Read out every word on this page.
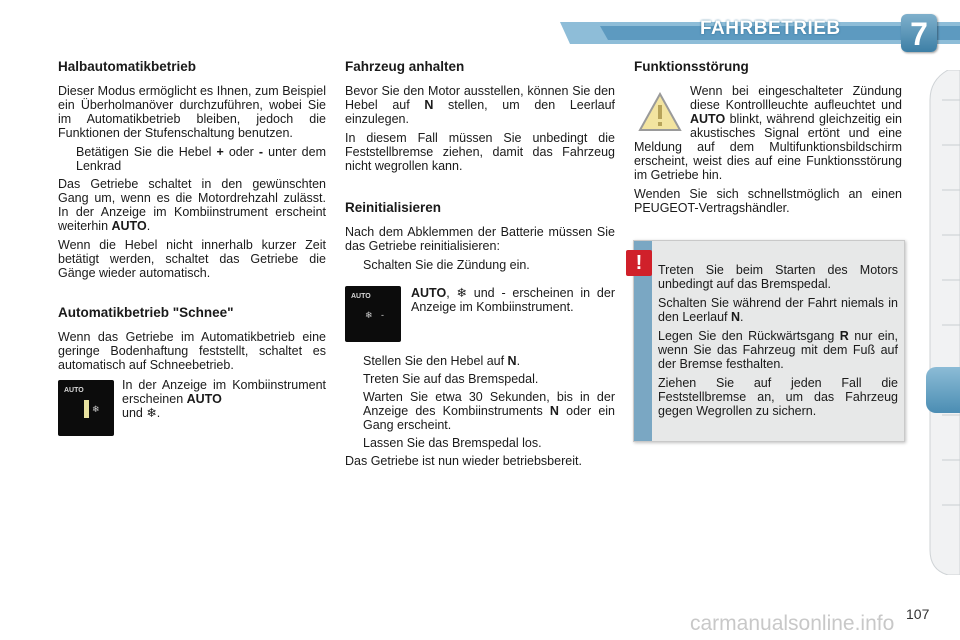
FAHRBETRIEB 7
Halbautomatikbetrieb

Dieser Modus ermöglicht es Ihnen, zum Beispiel ein Überholmanöver durchzuführen, wobei Sie im Automatikbetrieb bleiben, jedoch die Funktionen der Stufenschaltung benutzen.

Betätigen Sie die Hebel + oder - unter dem Lenkrad

Das Getriebe schaltet in den gewünschten Gang um, wenn es die Motordrehzahl zulässt. In der Anzeige im Kombiinstrument erscheint weiterhin AUTO.

Wenn die Hebel nicht innerhalb kurzer Zeit betätigt werden, schaltet das Getriebe die Gänge wieder automatisch.

Automatikbetrieb "Schnee"

Wenn das Getriebe im Automatikbetrieb eine geringe Bodenhaftung feststellt, schaltet es automatisch auf Schneebetrieb.

AUTO
❄

In der Anzeige im Kombiinstrument erscheinen AUTO
und ❄.

Fahrzeug anhalten

Bevor Sie den Motor ausstellen, können Sie den Hebel auf N stellen, um den Leerlauf einzulegen.

In diesem Fall müssen Sie unbedingt die Feststellbremse ziehen, damit das Fahrzeug nicht wegrollen kann.

Reinitialisieren

Nach dem Abklemmen der Batterie müssen Sie das Getriebe reinitialisieren:

Schalten Sie die Zündung ein.
AUTO
❄ -

AUTO, ❄ und - erscheinen in der Anzeige im Kombiinstrument.

Stellen Sie den Hebel auf N.
Treten Sie auf das Bremspedal.
Warten Sie etwa 30 Sekunden, bis in der Anzeige des Kombiinstruments N oder ein Gang erscheint.
Lassen Sie das Bremspedal los.

Das Getriebe ist nun wieder betriebsbereit.

Funktionsstörung

Wenn bei eingeschalteter Zündung diese Kontrollleuchte aufleuchtet und AUTO blinkt, während gleichzeitig ein akustisches Signal ertönt und eine Meldung auf dem Multifunktionsbildschirm erscheint, weist dies auf eine Funktionsstörung im Getriebe hin.

Wenden Sie sich schnellstmöglich an einen PEUGEOT-Vertragshändler.

Treten Sie beim Starten des Motors unbedingt auf das Bremspedal.

Schalten Sie während der Fahrt niemals in den Leerlauf N.

Legen Sie den Rückwärtsgang R nur ein, wenn Sie das Fahrzeug mit dem Fuß auf der Bremse festhalten.

Ziehen Sie auf jeden Fall die Feststellbremse an, um das Fahrzeug gegen Wegrollen zu sichern.

!
107
carmanualsonline.info
